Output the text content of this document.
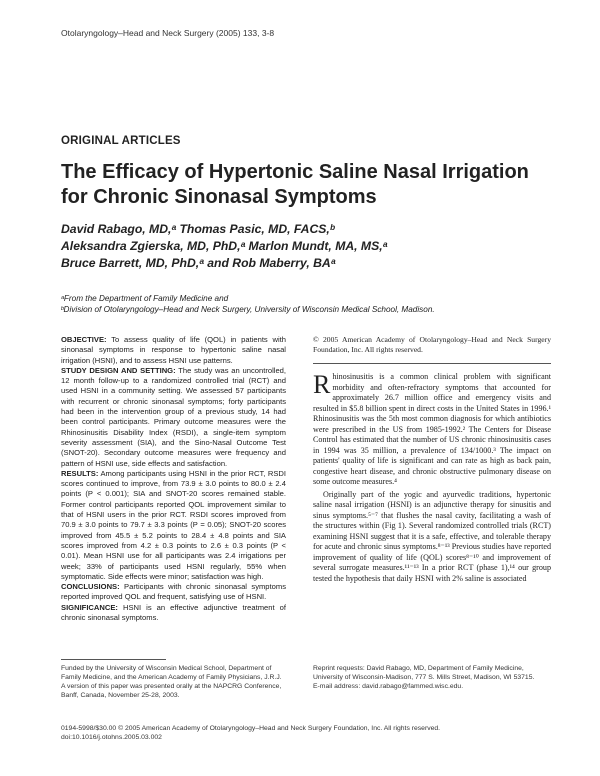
Otolaryngology–Head and Neck Surgery (2005) 133, 3-8
ORIGINAL ARTICLES
The Efficacy of Hypertonic Saline Nasal Irrigation for Chronic Sinonasal Symptoms
David Rabago, MD,ᵃ Thomas Pasic, MD, FACS,ᵇ
Aleksandra Zgierska, MD, PhD,ᵃ Marlon Mundt, MA, MS,ᵃ
Bruce Barrett, MD, PhD,ᵃ and Rob Maberry, BAᵃ
ᵃFrom the Department of Family Medicine and
ᵇDivision of Otolaryngology–Head and Neck Surgery, University of Wisconsin Medical School, Madison.

OBJECTIVE: To assess quality of life (QOL) in patients with sinonasal symptoms in response to hypertonic saline nasal irrigation (HSNI), and to assess HSNI use patterns.

STUDY DESIGN AND SETTING: The study was an uncontrolled, 12 month follow-up to a randomized controlled trial (RCT) and used HSNI in a community setting. We assessed 57 participants with recurrent or chronic sinonasal symptoms; forty participants had been in the intervention group of a previous study, 14 had been control participants. Primary outcome measures were the Rhinosinusitis Disability Index (RSDI), a single-item symptom severity assessment (SIA), and the Sino-Nasal Outcome Test (SNOT-20). Secondary outcome measures were frequency and pattern of HSNI use, side effects and satisfaction.

RESULTS: Among participants using HSNI in the prior RCT, RSDI scores continued to improve, from 73.9 ± 3.0 points to 80.0 ± 2.4 points (P < 0.001); SIA and SNOT-20 scores remained stable. Former control participants reported QOL improvement similar to that of HSNI users in the prior RCT. RSDI scores improved from 70.9 ± 3.0 points to 79.7 ± 3.3 points (P = 0.05); SNOT-20 scores improved from 45.5 ± 5.2 points to 28.4 ± 4.8 points and SIA scores improved from 4.2 ± 0.3 points to 2.6 ± 0.3 points (P < 0.01). Mean HSNI use for all participants was 2.4 irrigations per week; 33% of participants used HSNI regularly, 55% when symptomatic. Side effects were minor; satisfaction was high.

CONCLUSIONS: Participants with chronic sinonasal symptoms reported improved QOL and frequent, satisfying use of HSNI.

SIGNIFICANCE: HSNI is an effective adjunctive treatment of chronic sinonasal symptoms.

© 2005 American Academy of Otolaryngology–Head and Neck Surgery Foundation, Inc. All rights reserved.

Rhinosinusitis is a common clinical problem with significant morbidity and often-refractory symptoms that accounted for approximately 26.7 million office and emergency visits and resulted in $5.8 billion spent in direct costs in the United States in 1996.¹ Rhinosinusitis was the 5th most common diagnosis for which antibiotics were prescribed in the US from 1985-1992.² The Centers for Disease Control has estimated that the number of US chronic rhinosinusitis cases in 1994 was 35 million, a prevalence of 134/1000.³ The impact on patients' quality of life is significant and can rate as high as back pain, congestive heart disease, and chronic obstructive pulmonary disease on some outcome measures.⁴

Originally part of the yogic and ayurvedic traditions, hypertonic saline nasal irrigation (HSNI) is an adjunctive therapy for sinusitis and sinus symptoms.⁵⁻⁷ that flushes the nasal cavity, facilitating a wash of the structures within (Fig 1). Several randomized controlled trials (RCT) examining HSNI suggest that it is a safe, effective, and tolerable therapy for acute and chronic sinus symptoms.⁸⁻¹³ Previous studies have reported improvement of quality of life (QOL) scores⁸⁻¹⁰ and improvement of several surrogate measures.¹¹⁻¹³ In a prior RCT (phase 1),¹⁴ our group tested the hypothesis that daily HSNI with 2% saline is associated

Funded by the University of Wisconsin Medical School, Department of Family Medicine, and the American Academy of Family Physicians, J.R.J.
A version of this paper was presented orally at the NAPCRG Conference, Banff, Canada, November 25-28, 2003.
Reprint requests: David Rabago, MD, Department of Family Medicine, University of Wisconsin-Madison, 777 S. Mills Street, Madison, WI 53715.
E-mail address: david.rabago@fammed.wisc.edu.
0194-5998/$30.00 © 2005 American Academy of Otolaryngology–Head and Neck Surgery Foundation, Inc. All rights reserved.
doi:10.1016/j.otohns.2005.03.002
